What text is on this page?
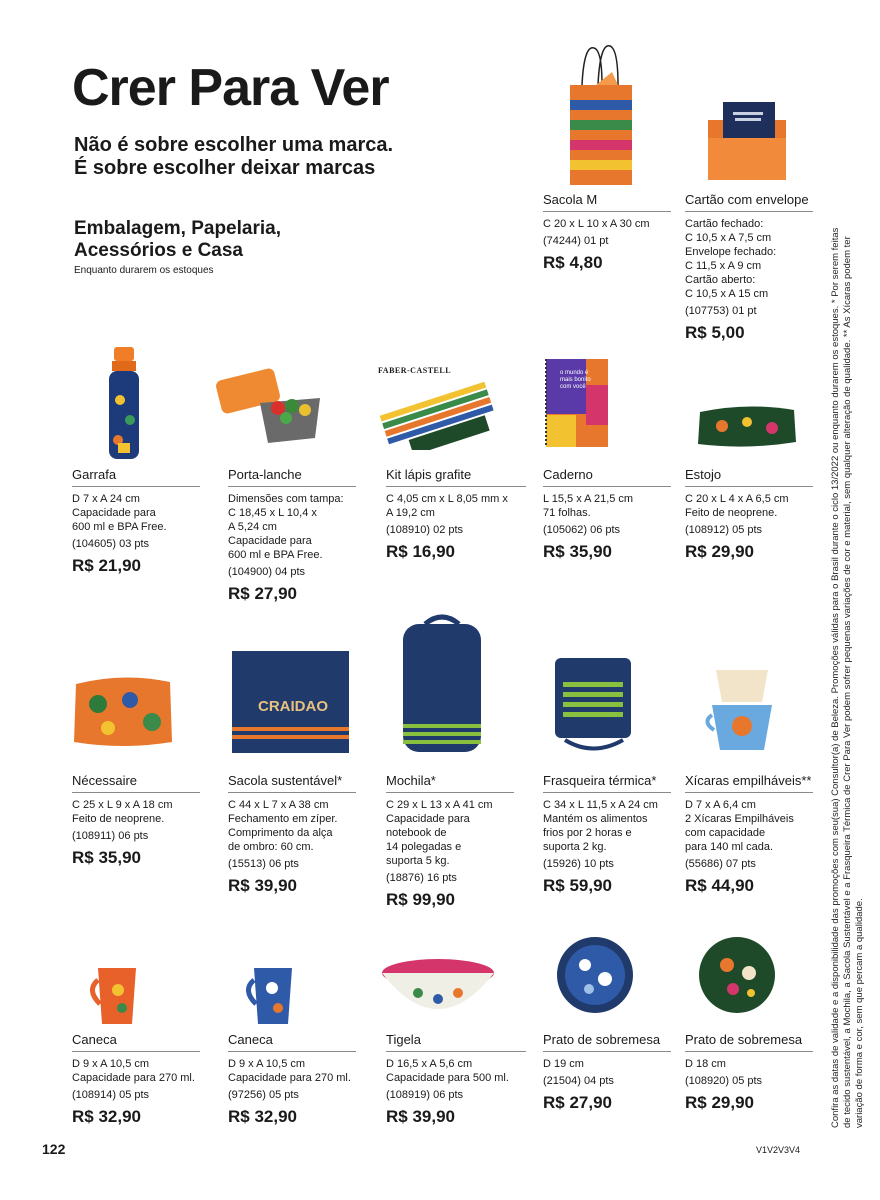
Crer Para Ver
Não é sobre escolher uma marca.
É sobre escolher deixar marcas
Embalagem, Papelaria,
Acessórios e Casa
Enquanto durarem os estoques
FABER-CASTELL	o mundo é mais bonito com você
CRAIDAO
Sacola M
C 20 x L 10 x A 30 cm
(74244) 01 pt
R$ 4,80
Cartão com envelope
Cartão fechado:
C 10,5 x A 7,5 cm
Envelope fechado:
C 11,5 x A 9 cm
Cartão aberto:
C 10,5 x A 15 cm
(107753) 01 pt
R$ 5,00
Garrafa
D 7 x A 24 cm
Capacidade para
600 ml e BPA Free.
(104605) 03 pts
R$ 21,90
Porta-lanche
Dimensões com tampa:
C 18,45 x L 10,4 x
A 5,24 cm
Capacidade para
600 ml e BPA Free.
(104900) 04 pts
R$ 27,90
Kit lápis grafite
C 4,05 cm x L 8,05 mm x
A 19,2 cm
(108910) 02 pts
R$ 16,90
Caderno
L 15,5 x A 21,5 cm
71 folhas.
(105062) 06 pts
R$ 35,90
Estojo
C 20 x L 4 x A 6,5 cm
Feito de neoprene.
(108912) 05 pts
R$ 29,90
Nécessaire
C 25 x L 9 x A 18 cm
Feito de neoprene.
(108911) 06 pts
R$ 35,90
Sacola sustentável*
C 44 x L 7 x A 38 cm
Fechamento em zíper.
Comprimento da alça
de ombro: 60 cm.
(15513) 06 pts
R$ 39,90
Mochila*
C 29 x L 13 x A 41 cm
Capacidade para
notebook de
14 polegadas e
suporta 5 kg.
(18876) 16 pts
R$ 99,90
Frasqueira térmica*
C 34 x L 11,5 x A 24 cm
Mantém os alimentos
frios por 2 horas e
suporta 2 kg.
(15926) 10 pts
R$ 59,90
Xícaras empilháveis**
D 7 x A 6,4 cm
2 Xícaras Empilháveis
com capacidade
para 140 ml cada.
(55686) 07 pts
R$ 44,90
Caneca
D 9 x A 10,5 cm
Capacidade para 270 ml.
(108914) 05 pts
R$ 32,90
Caneca
D 9 x A 10,5 cm
Capacidade para 270 ml.
(97256) 05 pts
R$ 32,90
Tigela
D 16,5 x A 5,6 cm
Capacidade para 500 ml.
(108919) 06 pts
R$ 39,90
Prato de sobremesa
D 19 cm
(21504) 04 pts
R$ 27,90
Prato de sobremesa
D 18 cm
(108920) 05 pts
R$ 29,90	Confira as datas de validade e a disponibilidade das promoções com seu(sua) Consultor(a) de Beleza. Promoções válidas para o Brasil durante o ciclo 13/2022 ou enquanto durarem os estoques. * Por serem feitas de tecido sustentável, a Mochila, a Sacola Sustentável e a Frasqueira Térmica de Crer Para Ver podem sofrer pequenas variações de cor e material, sem qualquer alteração de qualidade. ** As Xícaras podem ter variação de forma e cor, sem que percam a qualidade.
122	V1V2V3V4
